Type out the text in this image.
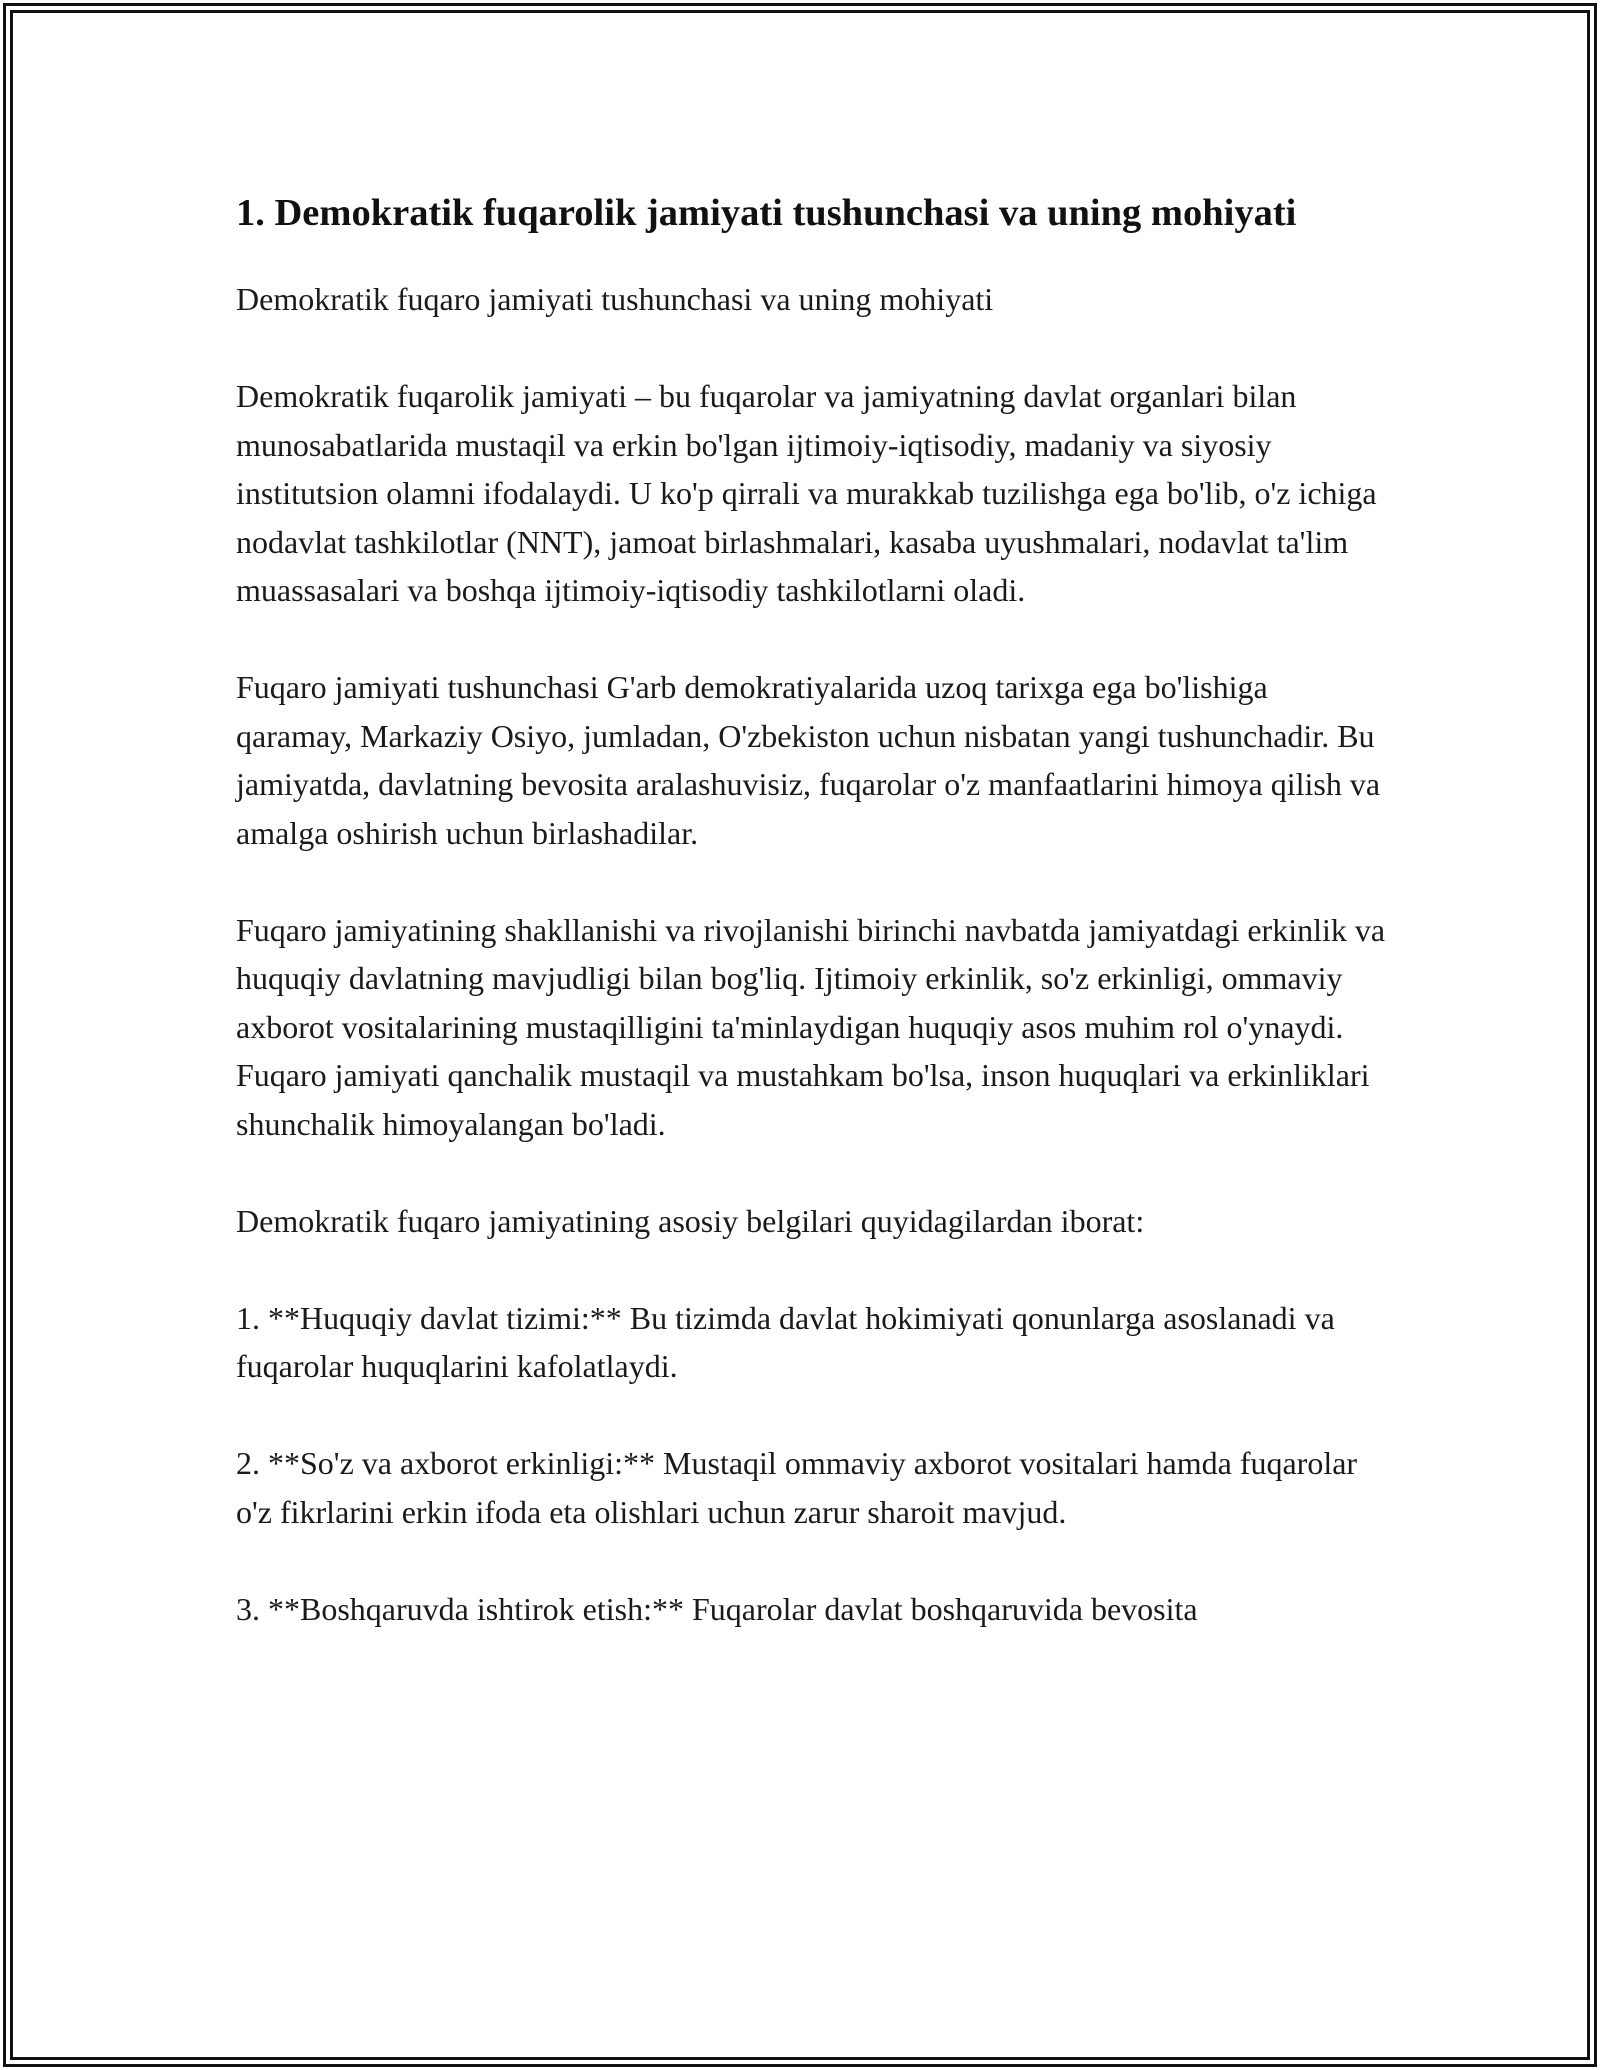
1. Demokratik fuqarolik jamiyati tushunchasi va uning mohiyati

Demokratik fuqaro jamiyati tushunchasi va uning mohiyati

Demokratik fuqarolik jamiyati – bu fuqarolar va jamiyatning davlat organlari bilan munosabatlarida mustaqil va erkin bo'lgan ijtimoiy-iqtisodiy, madaniy va siyosiy institutsion olamni ifodalaydi. U ko'p qirrali va murakkab tuzilishga ega bo'lib, o'z ichiga nodavlat tashkilotlar (NNT), jamoat birlashmalari, kasaba uyushmalari, nodavlat ta'lim muassasalari va boshqa ijtimoiy-iqtisodiy tashkilotlarni oladi.

Fuqaro jamiyati tushunchasi G'arb demokratiyalarida uzoq tarixga ega bo'lishiga qaramay, Markaziy Osiyo, jumladan, O'zbekiston uchun nisbatan yangi tushunchadir. Bu jamiyatda, davlatning bevosita aralashuvisiz, fuqarolar o'z manfaatlarini himoya qilish va amalga oshirish uchun birlashadilar.

Fuqaro jamiyatining shakllanishi va rivojlanishi birinchi navbatda jamiyatdagi erkinlik va huquqiy davlatning mavjudligi bilan bog'liq. Ijtimoiy erkinlik, so'z erkinligi, ommaviy axborot vositalarining mustaqilligini ta'minlaydigan huquqiy asos muhim rol o'ynaydi. Fuqaro jamiyati qanchalik mustaqil va mustahkam bo'lsa, inson huquqlari va erkinliklari shunchalik himoyalangan bo'ladi.

Demokratik fuqaro jamiyatining asosiy belgilari quyidagilardan iborat:

1. **Huquqiy davlat tizimi:** Bu tizimda davlat hokimiyati qonunlarga asoslanadi va fuqarolar huquqlarini kafolatlaydi.

2. **So'z va axborot erkinligi:** Mustaqil ommaviy axborot vositalari hamda fuqarolar o'z fikrlarini erkin ifoda eta olishlari uchun zarur sharoit mavjud.

3. **Boshqaruvda ishtirok etish:** Fuqarolar davlat boshqaruvida bevosita
